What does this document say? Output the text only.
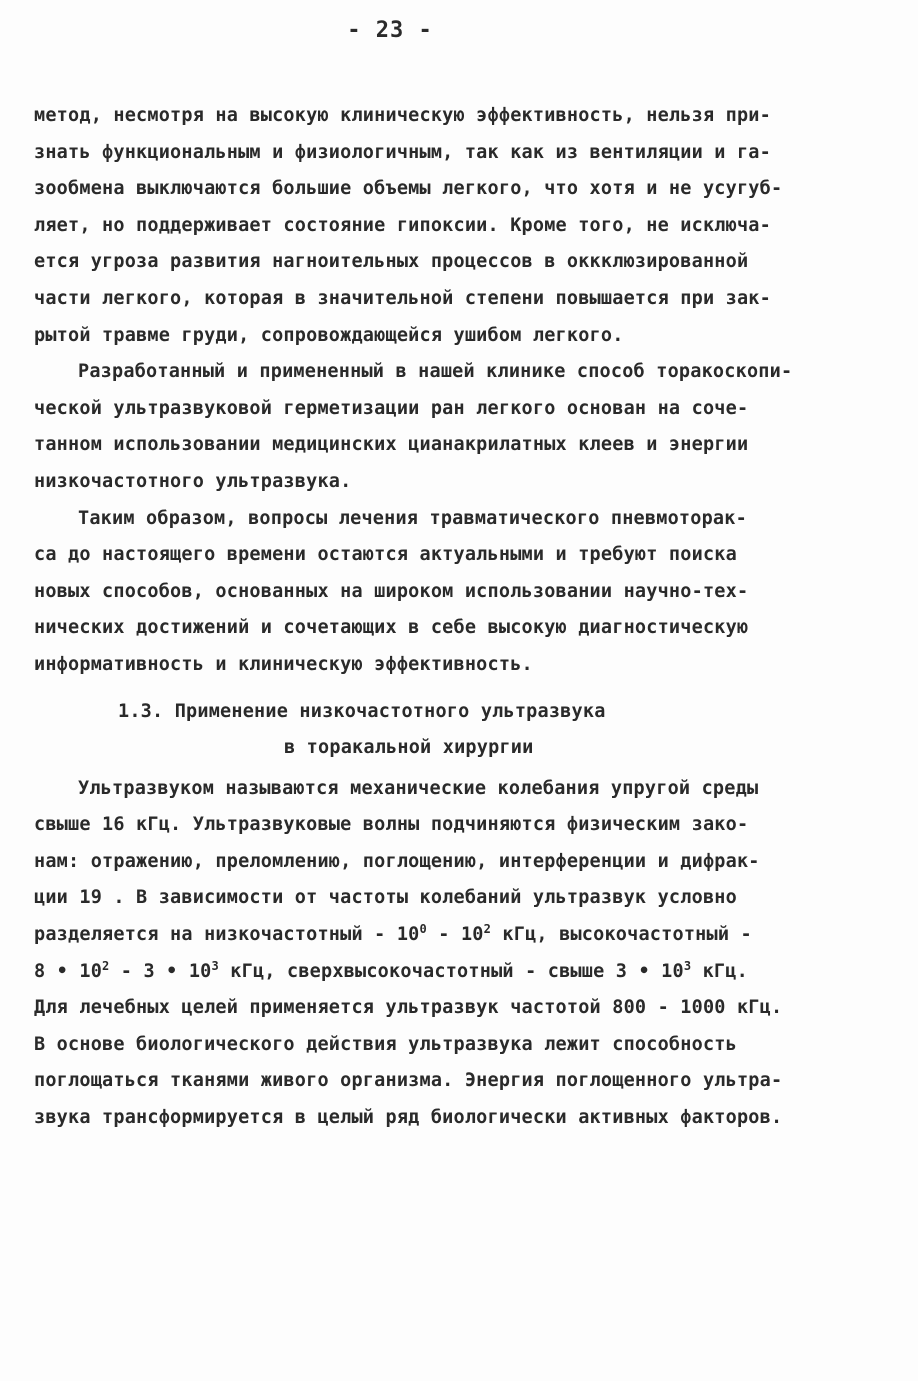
- 23 -
метод, несмотря на высокую клиническую эффективность, нельзя при-
знать функциональным и физиологичным, так как из вентиляции и га-
зообмена выключаются большие объемы легкого, что хотя и не усугуб-
ляет, но поддерживает состояние гипоксии. Кроме того, не исключа-
ется угроза развития нагноительных процессов в оккклюзированной
части легкого, которая в значительной степени повышается при зак-
рытой травме груди, сопровождающейся ушибом легкого.
Разработанный и примененный в нашей клинике способ торакоскопи-
ческой ультразвуковой герметизации ран легкого основан на соче-
танном использовании медицинских цианакрилатных клеев и энергии
низкочастотного ультразвука.
Таким образом, вопросы лечения травматического пневмоторак-
са до настоящего времени остаются актуальными и требуют поиска
новых способов, основанных на широком использовании научно-тех-
нических достижений и сочетающих в себе высокую диагностическую
информативность и клиническую эффективность.
1.3. Применение низкочастотного ультразвука
в торакальной хирургии
Ультразвуком называются механические колебания упругой среды
свыше 16 кГц. Ультразвуковые волны подчиняются физическим зако-
нам: отражению, преломлению, поглощению, интерференции и дифрак-
ции 19 . В зависимости от частоты колебаний ультразвук условно
разделяется на низкочастотный - $10^0 - 10^2$ кГц, высокочастотный -
8 • $10^2 - 3$ • $10^3$ кГц, сверхвысокочастотный - свыше 3 • $10^3$ кГц.
Для лечебных целей применяется ультразвук частотой 800 - 1000 кГц.
В основе биологического действия ультразвука лежит способность
поглощаться тканями живого организма. Энергия поглощенного ультра-
звука трансформируется в целый ряд биологически активных факторов.
